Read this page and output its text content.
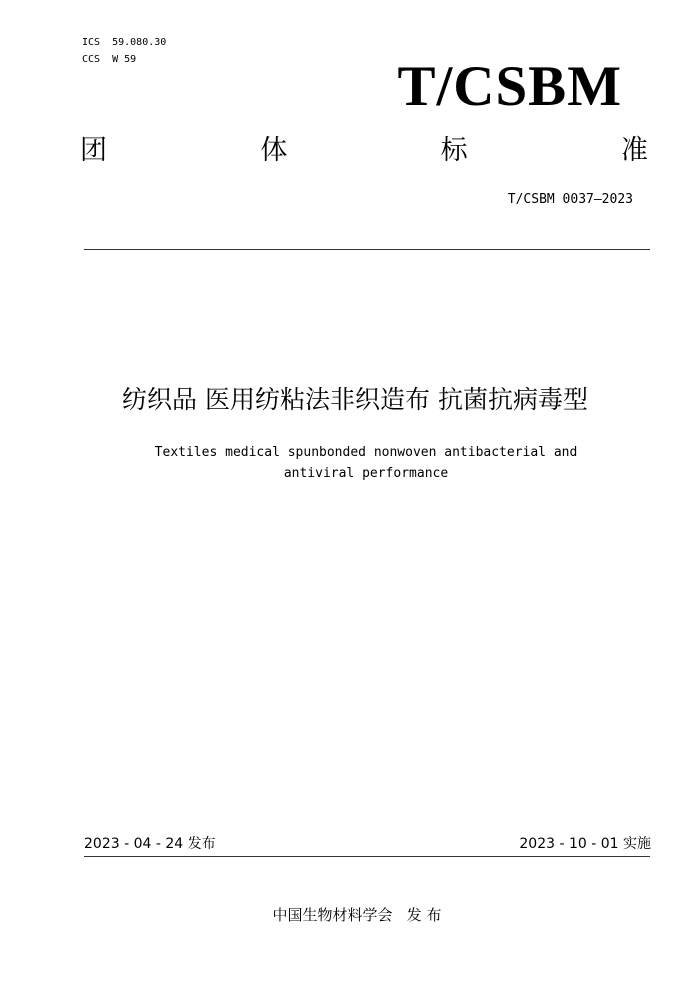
ICS  59.080.30
CCS  W 59	T/CSBM
团	体	标	准
T/CSBM 0037—2023
纺织品 医用纺粘法非织造布 抗菌抗病毒型
Textiles medical spunbonded nonwoven antibacterial and
antiviral performance
2023 - 04 - 24 发布	2023 - 10 - 01 实施
中国生物材料学会   发 布
